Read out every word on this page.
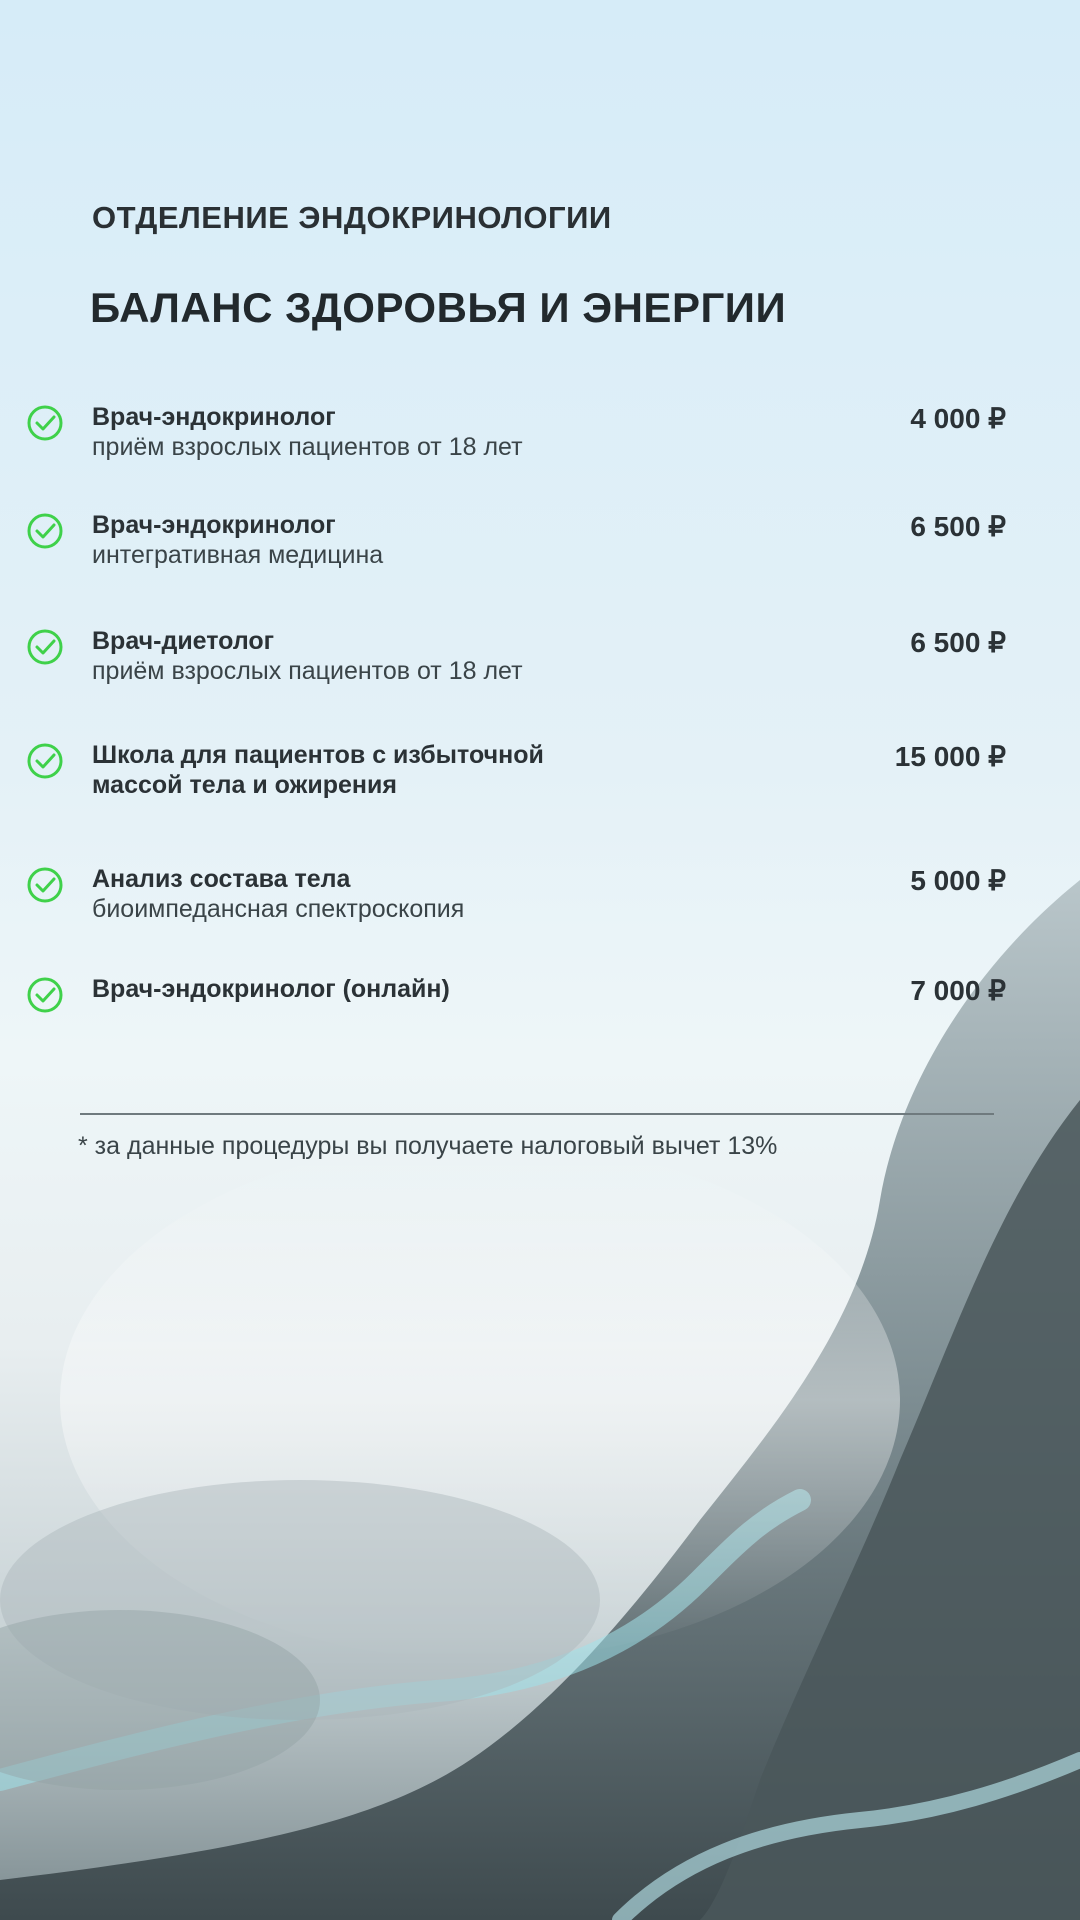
ОТДЕЛЕНИЕ ЭНДОКРИНОЛОГИИ
БАЛАНС ЗДОРОВЬЯ И ЭНЕРГИИ
Врач-эндокринолог
приём взрослых пациентов от 18 лет
4 000 ₽
Врач-эндокринолог
интегративная медицина
6 500 ₽
Врач-диетолог
приём взрослых пациентов от 18 лет
6 500 ₽
Школа для пациентов с избыточной массой тела и ожирения
15 000 ₽
Анализ состава тела
биоимпедансная спектроскопия
5 000 ₽
Врач-эндокринолог (онлайн)	7 000 ₽
* за данные процедуры вы получаете налоговый вычет 13%
